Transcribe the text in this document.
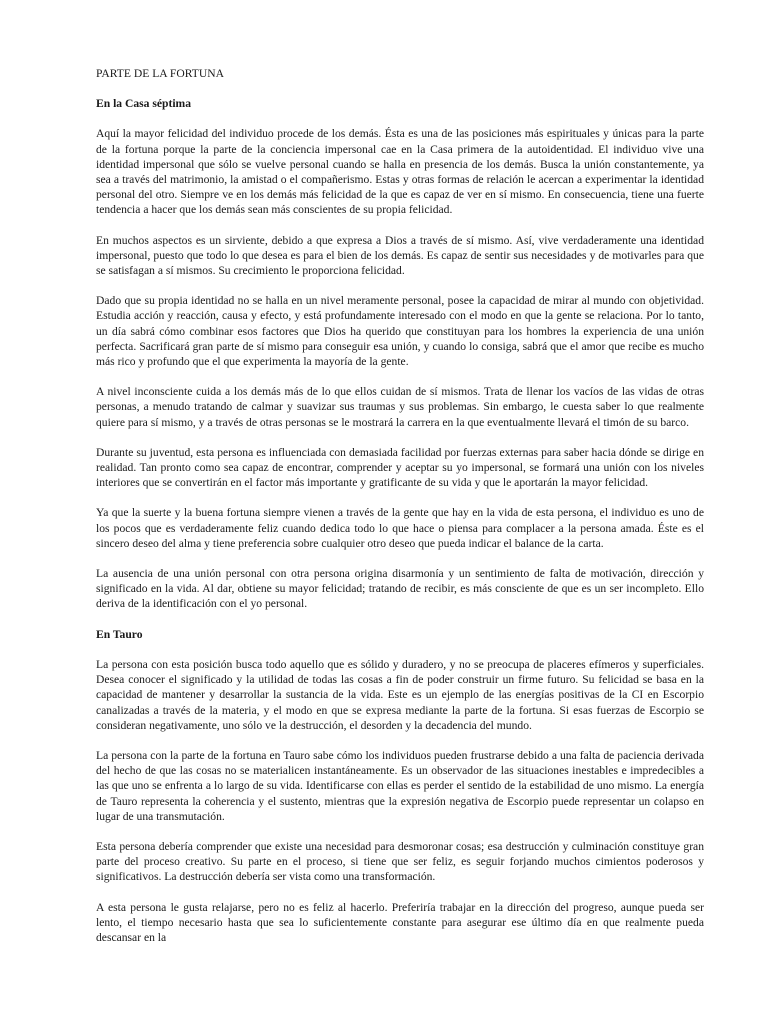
PARTE DE LA FORTUNA
En la Casa séptima

Aquí la mayor felicidad del individuo procede de los demás. Ésta es una de las posiciones más espirituales y únicas para la parte de la fortuna porque la parte de la conciencia impersonal cae en la Casa primera de la autoidentidad. El individuo vive una identidad impersonal que sólo se vuelve personal cuando se halla en presencia de los demás. Busca la unión constantemente, ya sea a través del matrimonio, la amistad o el compañerismo. Estas y otras formas de relación le acercan a experimentar la identidad personal del otro. Siempre ve en los demás más felicidad de la que es capaz de ver en sí mismo. En consecuencia, tiene una fuerte tendencia a hacer que los demás sean más conscientes de su propia felicidad.

En muchos aspectos es un sirviente, debido a que expresa a Dios a través de sí mismo. Así, vive verdaderamente una identidad impersonal, puesto que todo lo que desea es para el bien de los demás. Es capaz de sentir sus necesidades y de motivarles para que se satisfagan a sí mismos. Su crecimiento le proporciona felicidad.

Dado que su propia identidad no se halla en un nivel meramente personal, posee la capacidad de mirar al mundo con objetividad. Estudia acción y reacción, causa y efecto, y está profundamente interesado con el modo en que la gente se relaciona. Por lo tanto, un día sabrá cómo combinar esos factores que Dios ha querido que constituyan para los hombres la experiencia de una unión perfecta. Sacrificará gran parte de sí mismo para conseguir esa unión, y cuando lo consiga, sabrá que el amor que recibe es mucho más rico y profundo que el que experimenta la mayoría de la gente.

A nivel inconsciente cuida a los demás más de lo que ellos cuidan de sí mismos. Trata de llenar los vacíos de las vidas de otras personas, a menudo tratando de calmar y suavizar sus traumas y sus problemas. Sin embargo, le cuesta saber lo que realmente quiere para sí mismo, y a través de otras personas se le mostrará la carrera en la que eventualmente llevará el timón de su barco.

Durante su juventud, esta persona es influenciada con demasiada facilidad por fuerzas externas para saber hacia dónde se dirige en realidad. Tan pronto como sea capaz de encontrar, comprender y aceptar su yo impersonal, se formará una unión con los niveles interiores que se convertirán en el factor más importante y gratificante de su vida y que le aportarán la mayor felicidad.

Ya que la suerte y la buena fortuna siempre vienen a través de la gente que hay en la vida de esta persona, el individuo es uno de los pocos que es verdaderamente feliz cuando dedica todo lo que hace o piensa para complacer a la persona amada. Éste es el sincero deseo del alma y tiene preferencia sobre cualquier otro deseo que pueda indicar el balance de la carta.

La ausencia de una unión personal con otra persona origina disarmonía y un sentimiento de falta de motivación, dirección y significado en la vida. Al dar, obtiene su mayor felicidad; tratando de recibir, es más consciente de que es un ser incompleto. Ello deriva de la identificación con el yo personal.

En Tauro

La persona con esta posición busca todo aquello que es sólido y duradero, y no se preocupa de placeres efímeros y superficiales. Desea conocer el significado y la utilidad de todas las cosas a fin de poder construir un firme futuro. Su felicidad se basa en la capacidad de mantener y desarrollar la sustancia de la vida. Este es un ejemplo de las energías positivas de la CI en Escorpio canalizadas a través de la materia, y el modo en que se expresa mediante la parte de la fortuna. Si esas fuerzas de Escorpio se consideran negativamente, uno sólo ve la destrucción, el desorden y la decadencia del mundo.

La persona con la parte de la fortuna en Tauro sabe cómo los individuos pueden frustrarse debido a una falta de paciencia derivada del hecho de que las cosas no se materialicen instantáneamente. Es un observador de las situaciones inestables e impredecibles a las que uno se enfrenta a lo largo de su vida. Identificarse con ellas es perder el sentido de la estabilidad de uno mismo. La energía de Tauro representa la coherencia y el sustento, mientras que la expresión negativa de Escorpio puede representar un colapso en lugar de una transmutación.

Esta persona debería comprender que existe una necesidad para desmoronar cosas; esa destrucción y culminación constituye gran parte del proceso creativo. Su parte en el proceso, si tiene que ser feliz, es seguir forjando muchos cimientos poderosos y significativos. La destrucción debería ser vista como una transformación.

A esta persona le gusta relajarse, pero no es feliz al hacerlo. Preferiría trabajar en la dirección del progreso, aunque pueda ser lento, el tiempo necesario hasta que sea lo suficientemente constante para asegurar ese último día en que realmente pueda descansar en la
